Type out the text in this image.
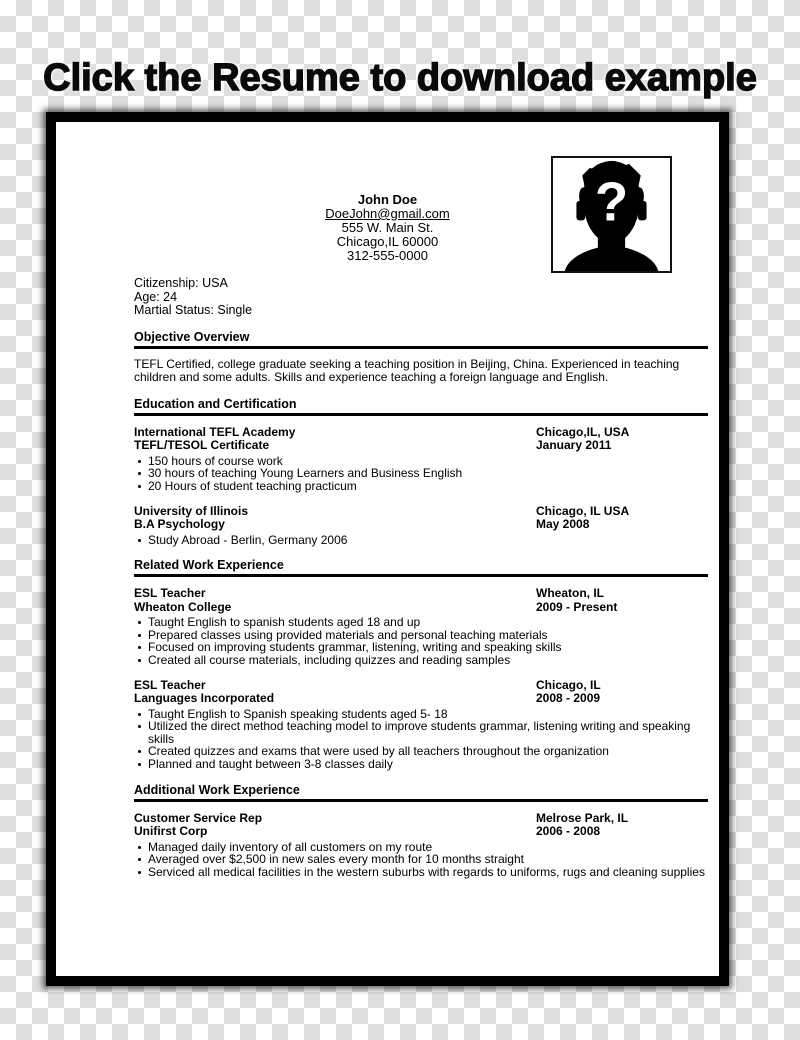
Click the Resume to download example
?
John Doe
DoeJohn@gmail.com
555 W. Main St.
Chicago,IL 60000
312-555-0000
Citizenship: USA
Age: 24
Martial Status: Single
Objective Overview

TEFL Certified, college graduate seeking a teaching position in Beijing, China. Experienced in teaching children and some adults. Skills and experience teaching a foreign language and English.

Education and Certification
International TEFL Academy
TEFL/TESOL Certificate
Chicago,IL, USA
January 2011
150 hours of course work
30 hours of teaching Young Learners and Business English
20 Hours of student teaching practicum
University of Illinois
B.A Psychology
Chicago, IL USA
May 2008
Study Abroad - Berlin, Germany 2006
Related Work Experience
ESL Teacher
Wheaton College
Wheaton, IL
2009 - Present
Taught English to spanish students aged 18 and up
Prepared classes using provided materials and personal teaching materials
Focused on improving students grammar, listening, writing and speaking skills
Created all course materials, including quizzes and reading samples
ESL Teacher
Languages Incorporated
Chicago, IL
2008 - 2009
Taught English to Spanish speaking students aged 5- 18
Utilized the direct method teaching model to improve students grammar, listening writing and speaking skills
Created quizzes and exams that were used by all teachers throughout the organization
Planned and taught between 3-8 classes daily
Additional Work Experience
Customer Service Rep
Unifirst Corp
Melrose Park, IL
2006 - 2008
Managed daily inventory of all customers on my route
Averaged over $2,500 in new sales every month for 10 months straight
Serviced all medical facilities in the western suburbs with regards to uniforms, rugs and cleaning supplies
